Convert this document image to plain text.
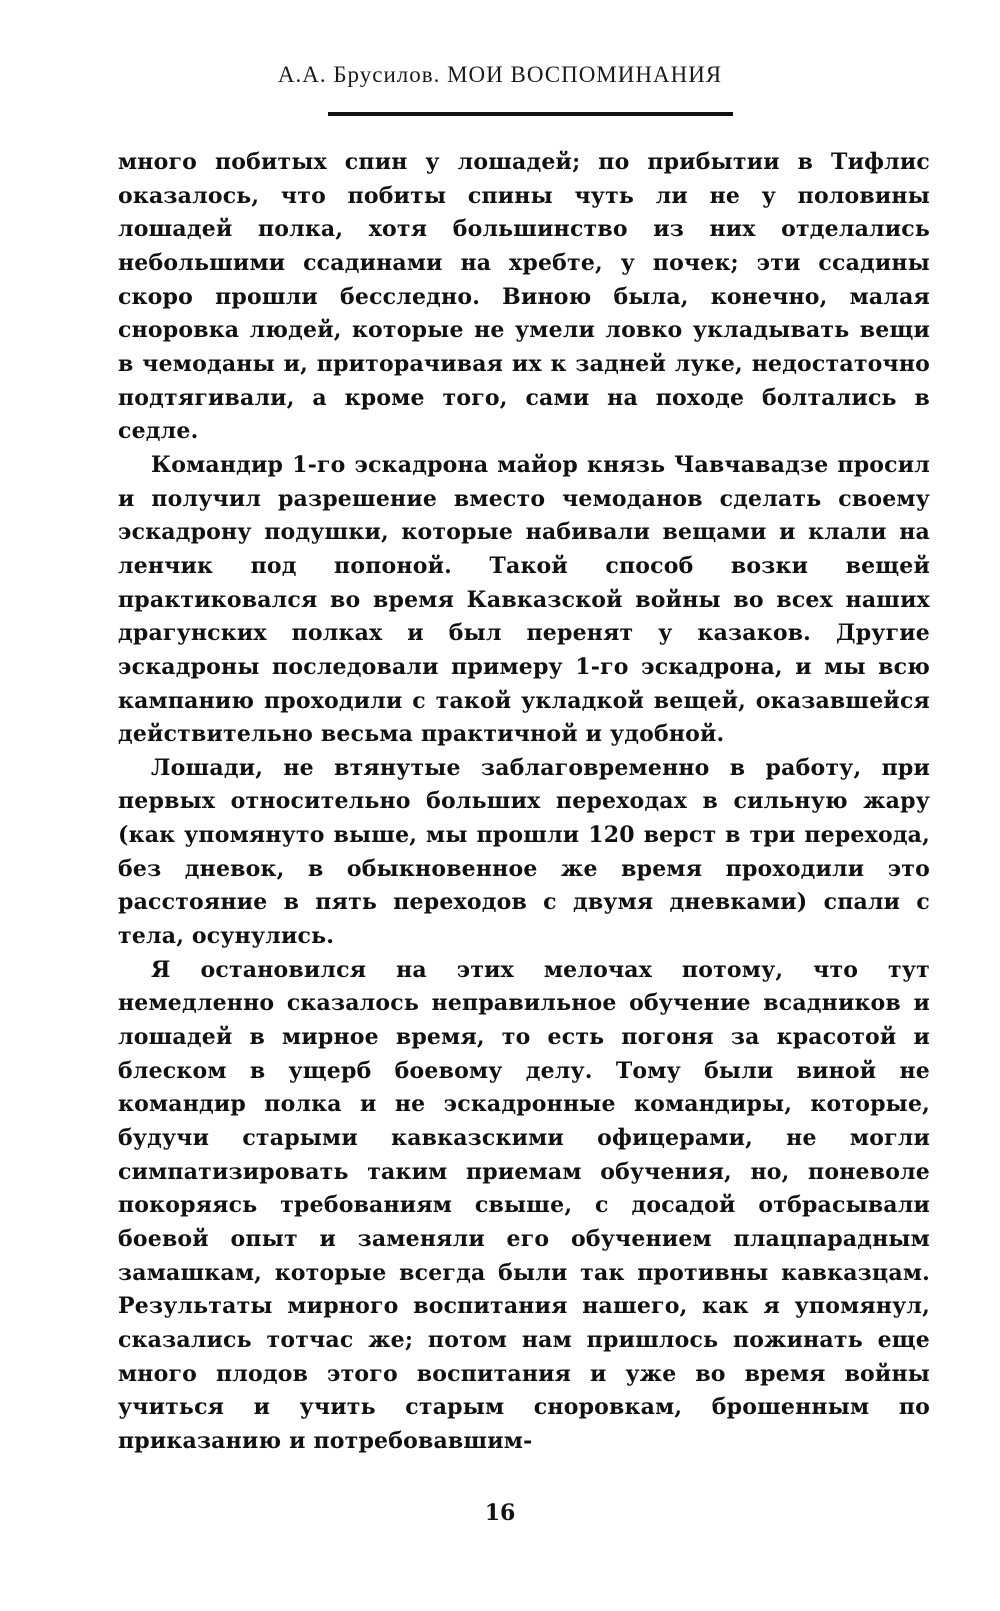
А.А. Брусилов. МОИ ВОСПОМИНАНИЯ

много побитых спин у лошадей; по прибытии в Тифлис оказалось, что побиты спины чуть ли не у половины лошадей полка, хотя большинство из них отделались небольшими ссадинами на хребте, у почек; эти ссадины скоро прошли бесследно. Виною была, конечно, малая сноровка людей, которые не умели ловко укладывать вещи в чемоданы и, приторачивая их к задней луке, недостаточно подтягивали, а кроме того, сами на походе болтались в седле.

Командир 1-го эскадрона майор князь Чавчавадзе просил и получил разрешение вместо чемоданов сделать своему эскадрону подушки, которые набивали вещами и клали на ленчик под попоной. Такой способ возки вещей практиковался во время Кавказской войны во всех наших драгунских полках и был перенят у казаков. Другие эскадроны последовали примеру 1-го эскадрона, и мы всю кампанию проходили с такой укладкой вещей, оказавшейся действительно весьма практичной и удобной.

Лошади, не втянутые заблаговременно в работу, при первых относительно больших переходах в сильную жару (как упомянуто выше, мы прошли 120 верст в три перехода, без дневок, в обыкновенное же время проходили это расстояние в пять переходов с двумя дневками) спали с тела, осунулись.

Я остановился на этих мелочах потому, что тут немедленно сказалось неправильное обучение всадников и лошадей в мирное время, то есть погоня за красотой и блеском в ущерб боевому делу. Тому были виной не командир полка и не эскадронные командиры, которые, будучи старыми кавказскими офицерами, не могли симпатизировать таким приемам обучения, но, поневоле покоряясь требованиям свыше, с досадой отбрасывали боевой опыт и заменяли его обучением плацпарадным замашкам, которые всегда были так противны кавказцам. Результаты мирного воспитания нашего, как я упомянул, сказались тотчас же; потом нам пришлось пожинать еще много плодов этого воспитания и уже во время войны учиться и учить старым сноровкам, брошенным по приказанию и потребовавшим-

16
